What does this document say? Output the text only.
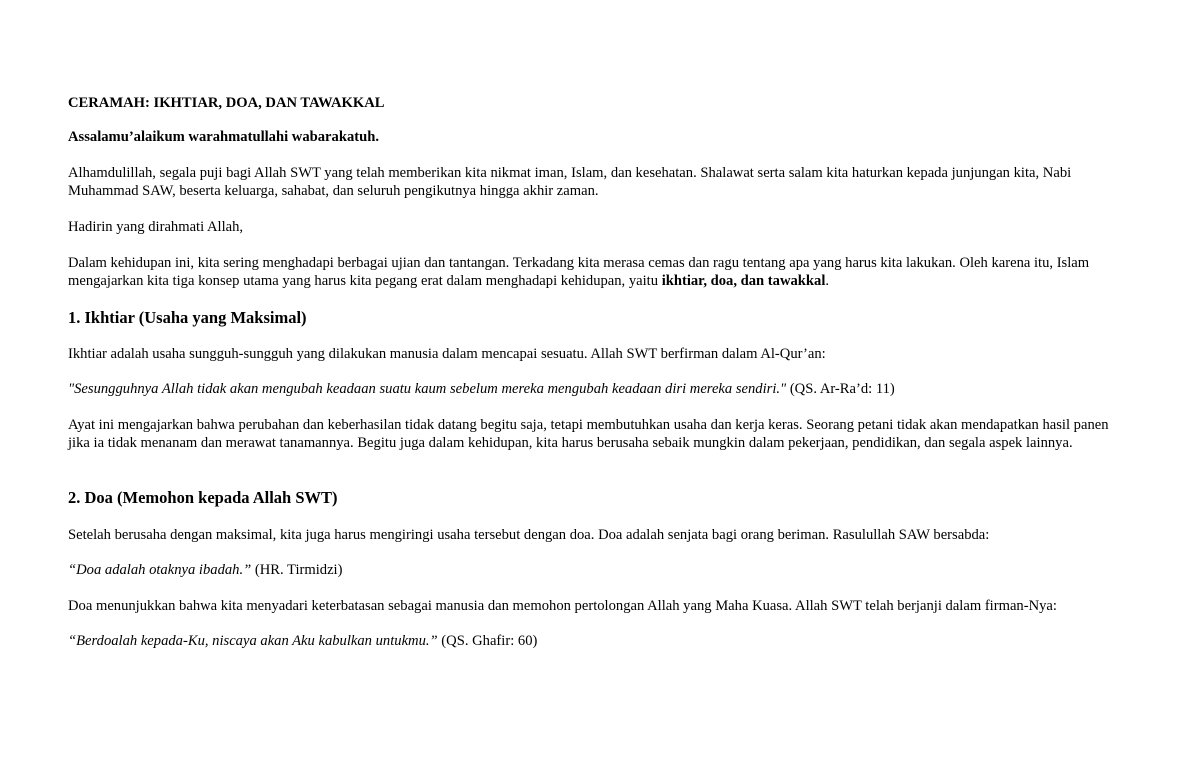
CERAMAH: IKHTIAR, DOA, DAN TAWAKKAL

Assalamu’alaikum warahmatullahi wabarakatuh.

Alhamdulillah, segala puji bagi Allah SWT yang telah memberikan kita nikmat iman, Islam, dan kesehatan. Shalawat serta salam kita haturkan kepada junjungan kita, Nabi Muhammad SAW, beserta keluarga, sahabat, dan seluruh pengikutnya hingga akhir zaman.

Hadirin yang dirahmati Allah,

Dalam kehidupan ini, kita sering menghadapi berbagai ujian dan tantangan. Terkadang kita merasa cemas dan ragu tentang apa yang harus kita lakukan. Oleh karena itu, Islam mengajarkan kita tiga konsep utama yang harus kita pegang erat dalam menghadapi kehidupan, yaitu ikhtiar, doa, dan tawakkal.

1. Ikhtiar (Usaha yang Maksimal)

Ikhtiar adalah usaha sungguh-sungguh yang dilakukan manusia dalam mencapai sesuatu. Allah SWT berfirman dalam Al-Qur’an:

"Sesungguhnya Allah tidak akan mengubah keadaan suatu kaum sebelum mereka mengubah keadaan diri mereka sendiri." (QS. Ar-Ra’d: 11)

Ayat ini mengajarkan bahwa perubahan dan keberhasilan tidak datang begitu saja, tetapi membutuhkan usaha dan kerja keras. Seorang petani tidak akan mendapatkan hasil panen jika ia tidak menanam dan merawat tanamannya. Begitu juga dalam kehidupan, kita harus berusaha sebaik mungkin dalam pekerjaan, pendidikan, dan segala aspek lainnya.

2. Doa (Memohon kepada Allah SWT)

Setelah berusaha dengan maksimal, kita juga harus mengiringi usaha tersebut dengan doa. Doa adalah senjata bagi orang beriman. Rasulullah SAW bersabda:

“Doa adalah otaknya ibadah.” (HR. Tirmidzi)

Doa menunjukkan bahwa kita menyadari keterbatasan sebagai manusia dan memohon pertolongan Allah yang Maha Kuasa. Allah SWT telah berjanji dalam firman-Nya:

“Berdoalah kepada-Ku, niscaya akan Aku kabulkan untukmu.” (QS. Ghafir: 60)
